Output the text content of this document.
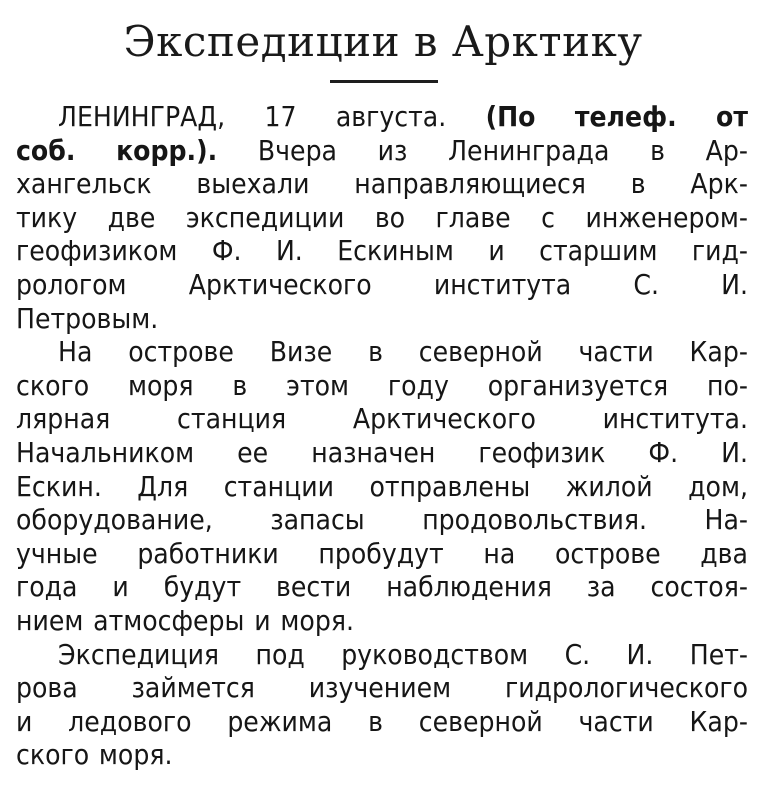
Экспедиции в Арктику
ЛЕНИНГРАД, 17 августа. (По телеф. от
соб. корр.). Вчера из Ленинграда в Ар-
хангельск выехали направляющиеся в Арк-
тику две экспедиции во главе с инженером-
геофизиком Ф. И. Ескиным и старшим гид-
рологом Арктического института С. И.
Петровым.
На острове Визе в северной части Кар-
ского моря в этом году организуется по-
лярная станция Арктического института.
Начальником ее назначен геофизик Ф. И.
Ескин. Для станции отправлены жилой дом,
оборудование, запасы продовольствия. На-
учные работники пробудут на острове два
года и будут вести наблюдения за состоя-
нием атмосферы и моря.
Экспедиция под руководством С. И. Пет-
рова займется изучением гидрологического
и ледового режима в северной части Кар-
ского моря.
